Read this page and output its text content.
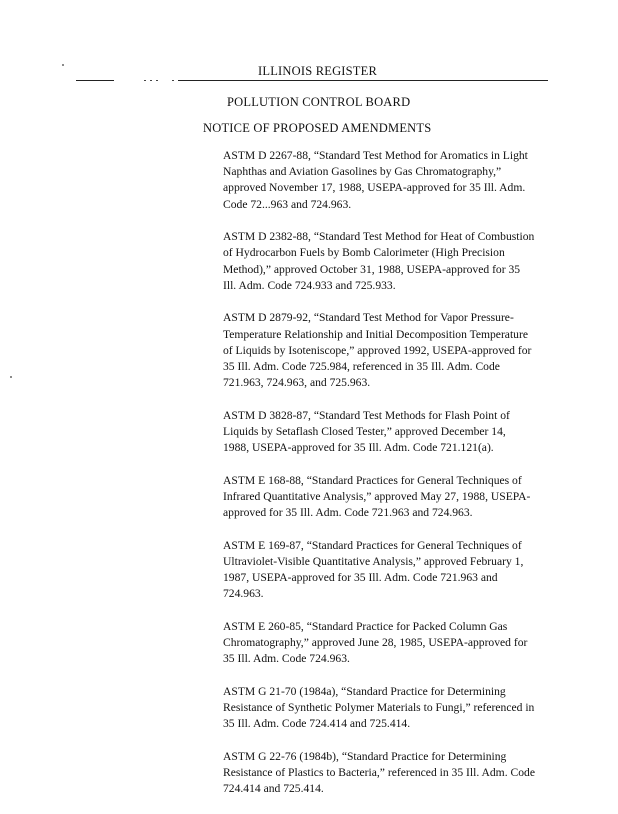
ILLINOIS REGISTER
POLLUTION CONTROL BOARD
NOTICE OF PROPOSED AMENDMENTS
ASTM D 2267-88, “Standard Test Method for Aromatics in Light
Naphthas and Aviation Gasolines by Gas Chromatography,”
approved November 17, 1988, USEPA-approved for 35 Ill. Adm.
Code 72...963 and 724.963.
ASTM D 2382-88, “Standard Test Method for Heat of Combustion
of Hydrocarbon Fuels by Bomb Calorimeter (High Precision
Method),” approved October 31, 1988, USEPA-approved for 35
Ill. Adm. Code 724.933 and 725.933.
ASTM D 2879-92, “Standard Test Method for Vapor Pressure-
Temperature Relationship and Initial Decomposition Temperature
of Liquids by Isoteniscope,” approved 1992, USEPA-approved for
35 Ill. Adm. Code 725.984, referenced in 35 Ill. Adm. Code
721.963, 724.963, and 725.963.
ASTM D 3828-87, “Standard Test Methods for Flash Point of
Liquids by Setaflash Closed Tester,” approved December 14,
1988, USEPA-approved for 35 Ill. Adm. Code 721.121(a).
ASTM E 168-88, “Standard Practices for General Techniques of
Infrared Quantitative Analysis,” approved May 27, 1988, USEPA-
approved for 35 Ill. Adm. Code 721.963 and 724.963.
ASTM E 169-87, “Standard Practices for General Techniques of
Ultraviolet-Visible Quantitative Analysis,” approved February 1,
1987, USEPA-approved for 35 Ill. Adm. Code 721.963 and
724.963.
ASTM E 260-85, “Standard Practice for Packed Column Gas
Chromatography,” approved June 28, 1985, USEPA-approved for
35 Ill. Adm. Code 724.963.
ASTM G 21-70 (1984a), “Standard Practice for Determining
Resistance of Synthetic Polymer Materials to Fungi,” referenced in
35 Ill. Adm. Code 724.414 and 725.414.
ASTM G 22-76 (1984b), “Standard Practice for Determining
Resistance of Plastics to Bacteria,” referenced in 35 Ill. Adm. Code
724.414 and 725.414.
